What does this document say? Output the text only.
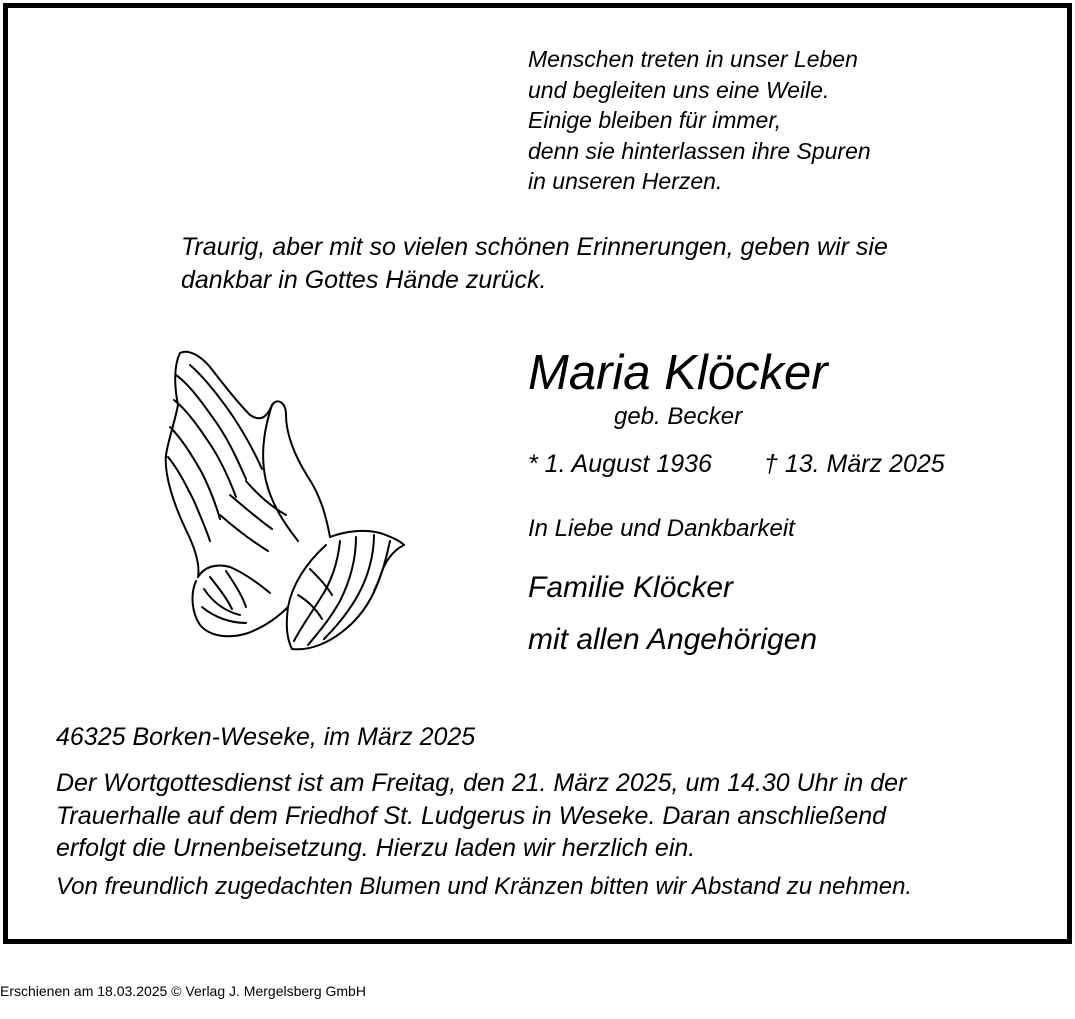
Menschen treten in unser Leben
und begleiten uns eine Weile.
Einige bleiben für immer,
denn sie hinterlassen ihre Spuren
in unseren Herzen.
Traurig, aber mit so vielen schönen Erinnerungen, geben wir sie
dankbar in Gottes Hände zurück.
Maria Klöcker
geb. Becker
* 1. August 1936 † 13. März 2025
In Liebe und Dankbarkeit
Familie Klöcker
mit allen Angehörigen
46325 Borken-Weseke, im März 2025
Der Wortgottesdienst ist am Freitag, den 21. März 2025, um 14.30 Uhr in der
Trauerhalle auf dem Friedhof St. Ludgerus in Weseke. Daran anschließend
erfolgt die Urnenbeisetzung. Hierzu laden wir herzlich ein.
Von freundlich zugedachten Blumen und Kränzen bitten wir Abstand zu nehmen.
Erschienen am 18.03.2025 © Verlag J. Mergelsberg GmbH
